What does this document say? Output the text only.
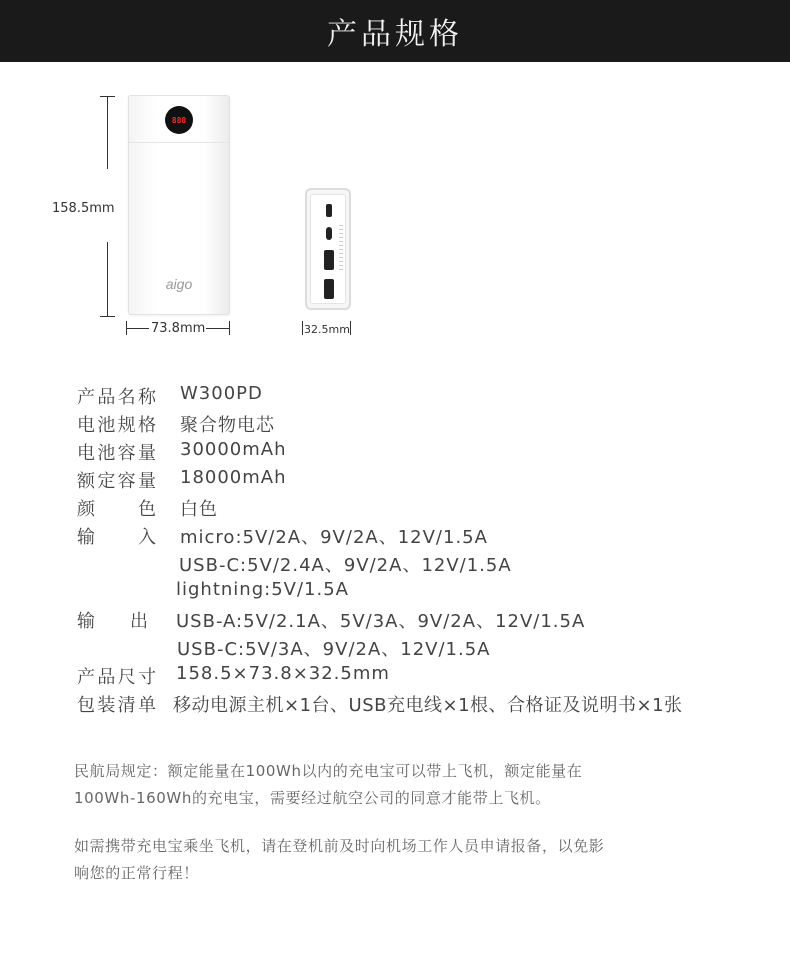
产品规格
158.5mm
888
aigo
73.8mm	32.5mm
产品名称 W300PD
电池规格 聚合物电芯
电池容量 30000mAh
额定容量 18000mAh
颜色 白色
输入 micro:5V/2A、9V/2A、12V/1.5A
USB-C:5V/2.4A、9V/2A、12V/1.5A
lightning:5V/1.5A
输出 USB-A:5V/2.1A、5V/3A、9V/2A、12V/1.5A
USB-C:5V/3A、9V/2A、12V/1.5A
产品尺寸 158.5×73.8×32.5mm
包装清单 移动电源主机×1台、USB充电线×1根、合格证及说明书×1张
民航局规定：额定能量在100Wh以内的充电宝可以带上飞机，额定能量在
100Wh-160Wh的充电宝，需要经过航空公司的同意才能带上飞机。
如需携带充电宝乘坐飞机，请在登机前及时向机场工作人员申请报备，以免影
响您的正常行程！
